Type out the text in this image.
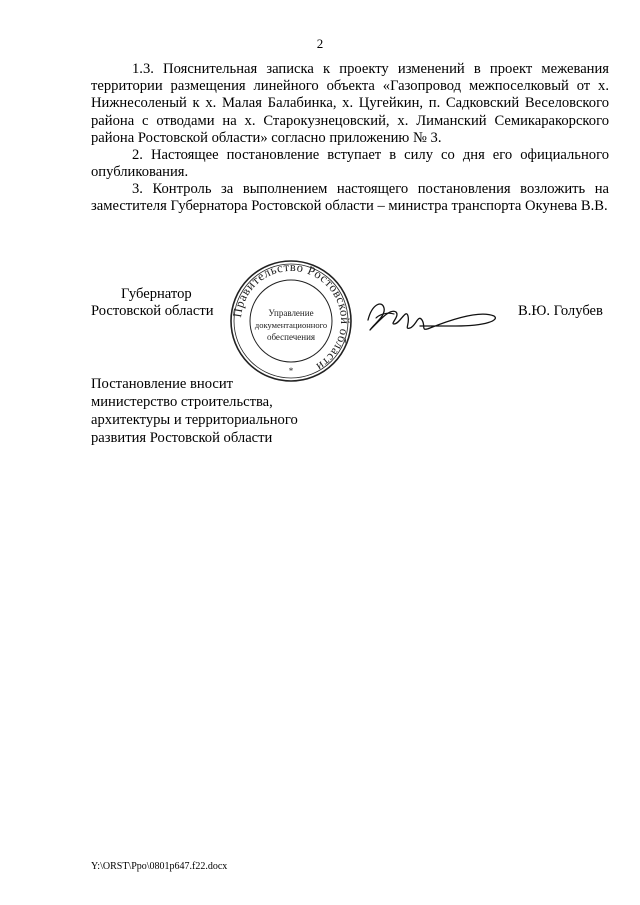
2
1.3. Пояснительная записка к проекту изменений в проект межевания территории размещения линейного объекта «Газопровод межпоселковый от х. Нижнесоленый к х. Малая Балабинка, х. Цугейкин, п. Садковский Веселовского района с отводами на х. Старокузнецовский, х. Лиманский Семикаракорского района Ростовской области» согласно приложению № 3.
2. Настоящее постановление вступает в силу со дня его официального опубликования.
3. Контроль за выполнением настоящего постановления возложить на заместителя Губернатора Ростовской области – министра транспорта Окунева В.В.
Губернатор
Ростовской области Правительство Ростовской области
*
Управление
документационного
обеспечения
В.Ю. Голубев
Постановление вносит
министерство строительства,
архитектуры и территориального
развития Ростовской области
Y:\ORST\Ppo\0801p647.f22.docx
